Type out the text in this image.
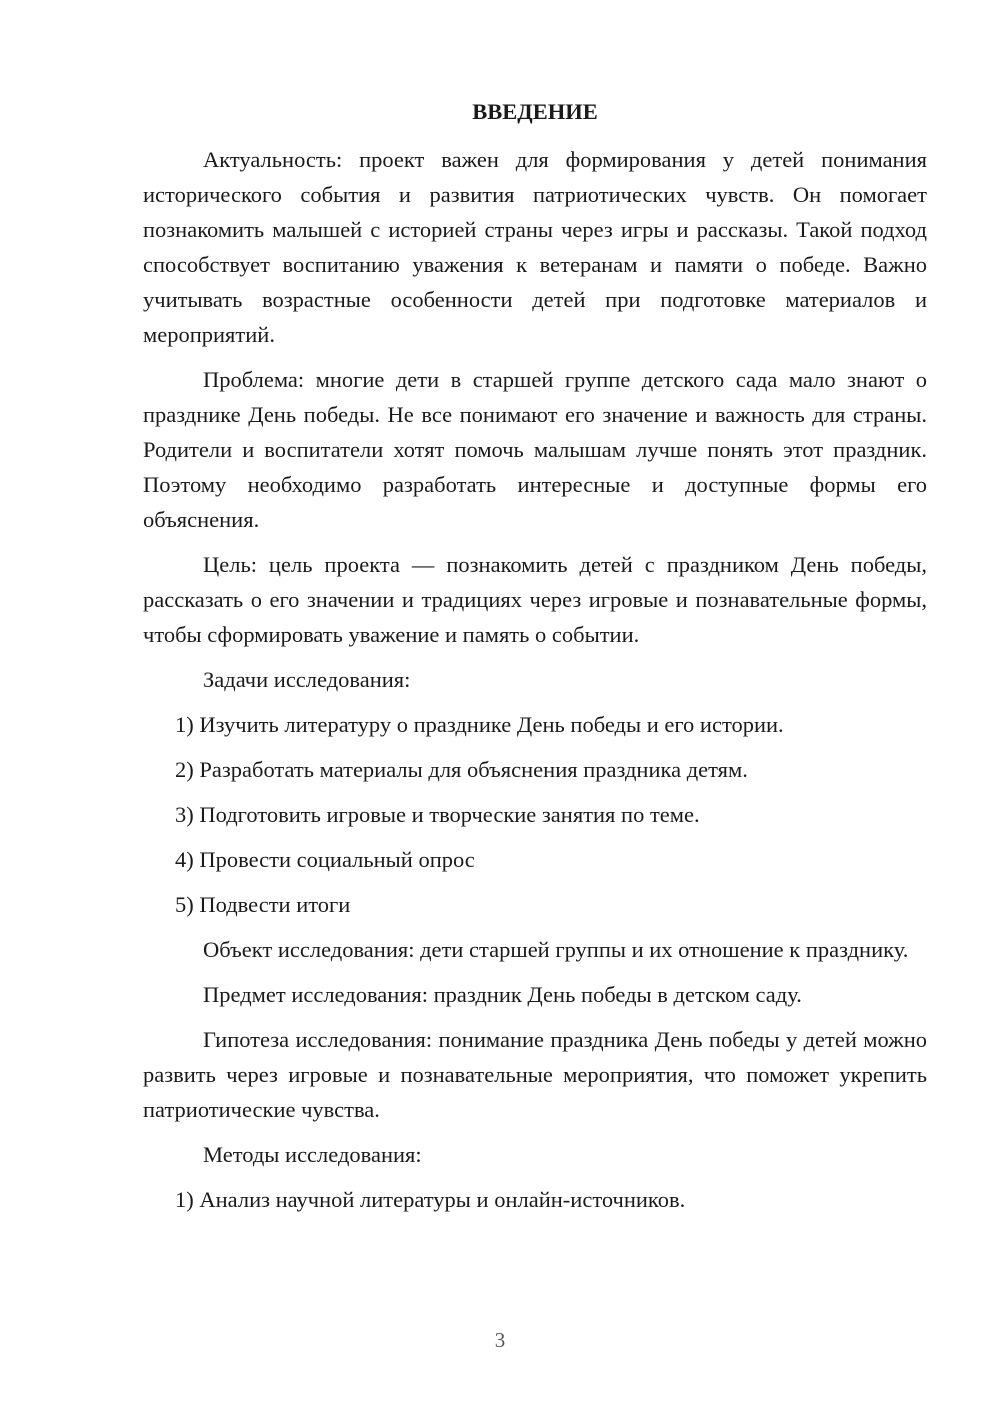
ВВЕДЕНИЕ

Актуальность: проект важен для формирования у детей понимания исторического события и развития патриотических чувств. Он помогает познакомить малышей с историей страны через игры и рассказы. Такой подход способствует воспитанию уважения к ветеранам и памяти о победе. Важно учитывать возрастные особенности детей при подготовке материалов и мероприятий.

Проблема: многие дети в старшей группе детского сада мало знают о празднике День победы. Не все понимают его значение и важность для страны. Родители и воспитатели хотят помочь малышам лучше понять этот праздник. Поэтому необходимо разработать интересные и доступные формы его объяснения.

Цель: цель проекта — познакомить детей с праздником День победы, рассказать о его значении и традициях через игровые и познавательные формы, чтобы сформировать уважение и память о событии.

Задачи исследования:

1) Изучить литературу о празднике День победы и его истории.
2) Разработать материалы для объяснения праздника детям.
3) Подготовить игровые и творческие занятия по теме.
4) Провести социальный опрос
5) Подвести итоги

Объект исследования: дети старшей группы и их отношение к празднику.

Предмет исследования: праздник День победы в детском саду.

Гипотеза исследования: понимание праздника День победы у детей можно развить через игровые и познавательные мероприятия, что поможет укрепить патриотические чувства.

Методы исследования:

1) Анализ научной литературы и онлайн-источников.
3
